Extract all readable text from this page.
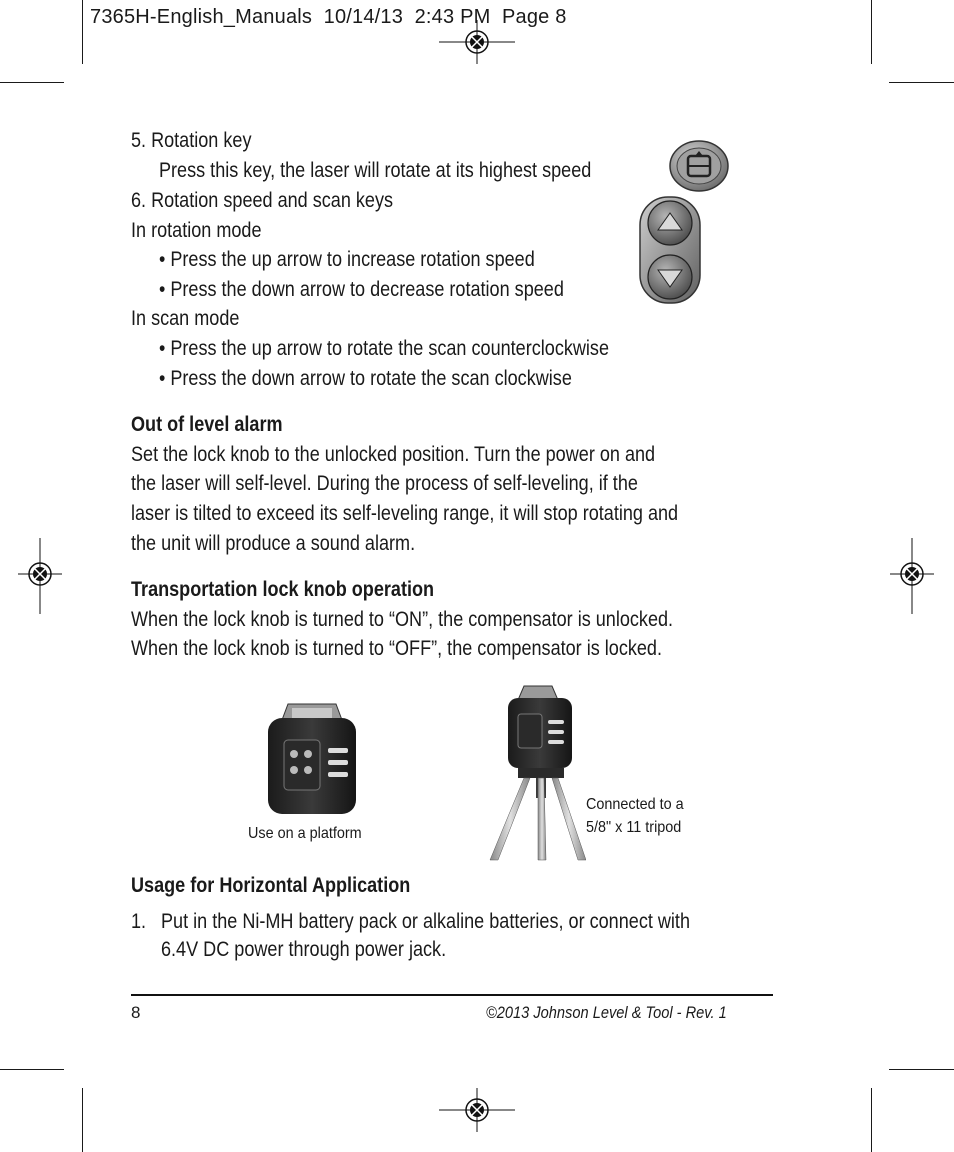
7365H-English_Manuals  10/14/13  2:43 PM  Page 8
5. Rotation key
Press this key, the laser will rotate at its highest speed
6. Rotation speed and scan keys
In rotation mode
• Press the up arrow to increase rotation speed
• Press the down arrow to decrease rotation speed
In scan mode
• Press the up arrow to rotate the scan counterclockwise
• Press the down arrow to rotate the scan clockwise
Out of level alarm
Set the lock knob to the unlocked position. Turn the power on and
the laser will self-level. During the process of self-leveling, if the
laser is tilted to exceed its self-leveling range, it will stop rotating and
the unit will produce a sound alarm.
Transportation lock knob operation
When the lock knob is turned to “ON”, the compensator is unlocked.
When the lock knob is turned to “OFF”, the compensator is locked.
Use on a platform
Connected to a
5/8" x 11 tripod
Usage for Horizontal Application
1. Put in the Ni-MH battery pack or alkaline batteries, or connect with
6.4V DC power through power jack.
8	©2013 Johnson Level & Tool - Rev. 1
